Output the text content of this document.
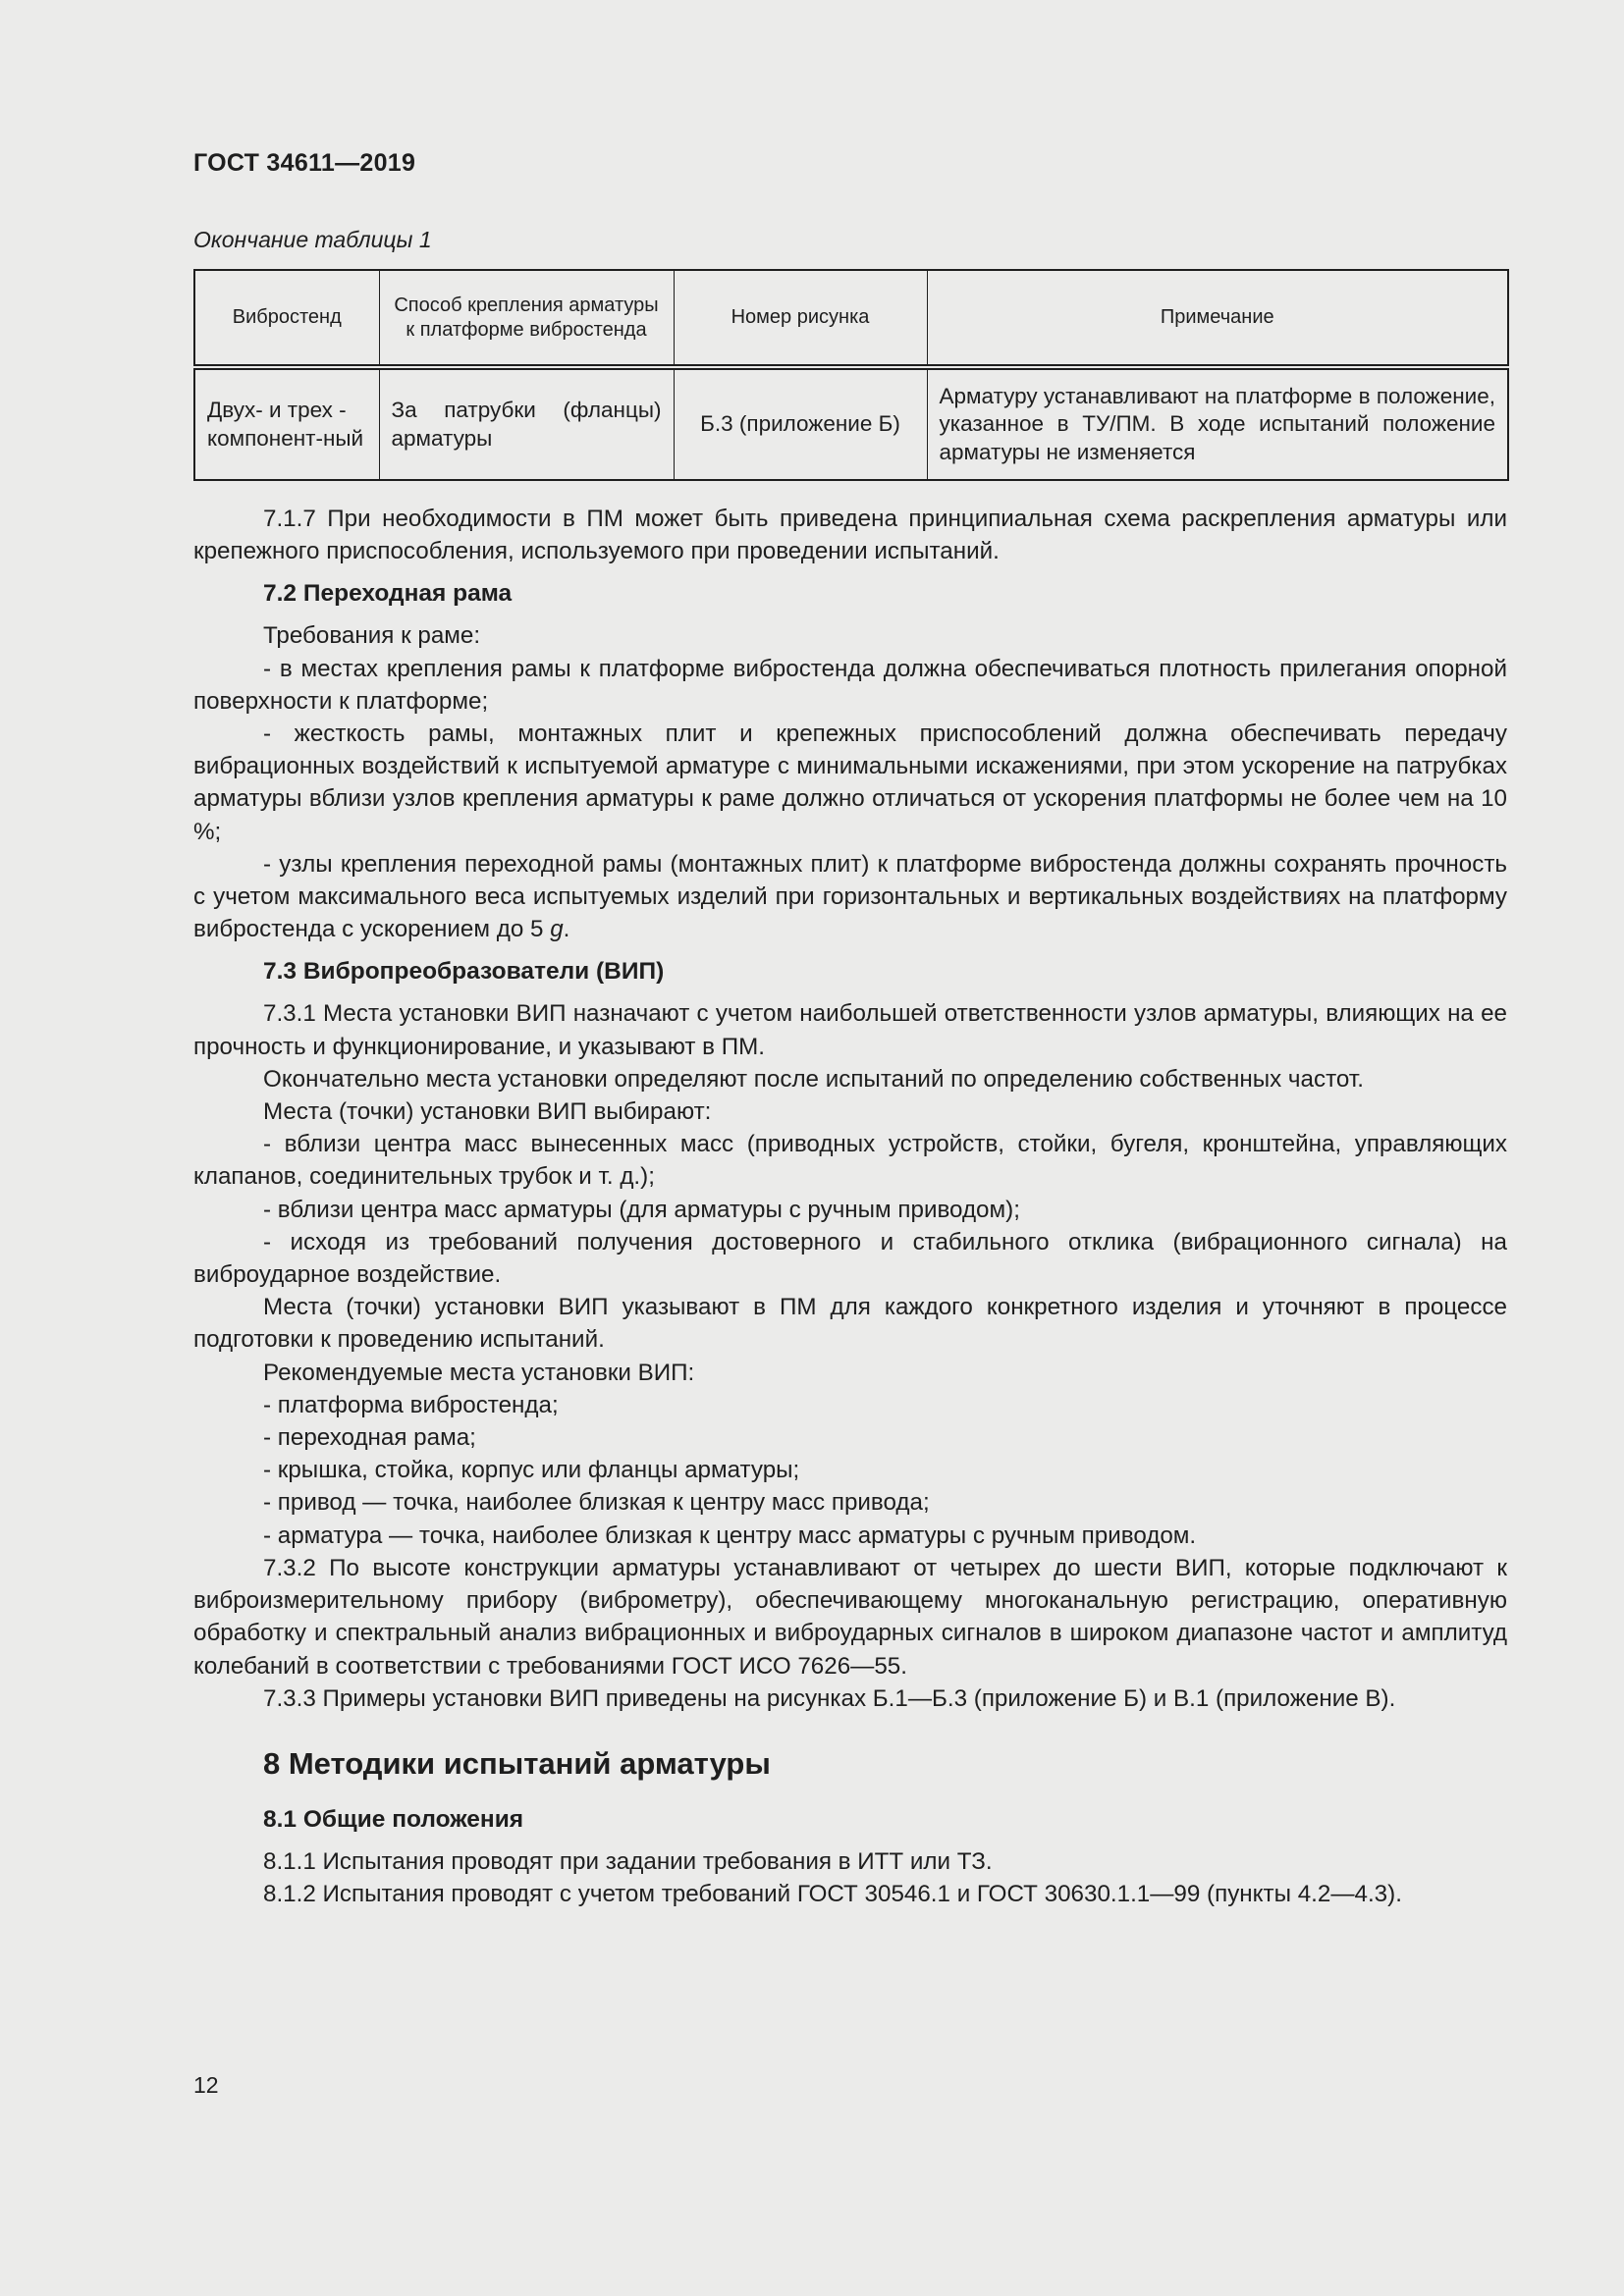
ГОСТ 34611—2019
Окончание таблицы 1
Вибростенд	Способ крепления арматуры к платформе вибростенда	Номер рисунка	Примечание
Двух- и трех - компонент-ный	За патрубки (фланцы) арматуры	Б.3 (приложение Б)	Арматуру устанавливают на платформе в положение, указанное в ТУ/ПМ. В ходе испытаний положение арматуры не изменяется

7.1.7 При необходимости в ПМ может быть приведена принципиальная схема раскрепления арматуры или крепежного приспособления, используемого при проведении испытаний.

7.2 Переходная рама

Требования к раме:

- в местах крепления рамы к платформе вибростенда должна обеспечиваться плотность прилегания опорной поверхности к платформе;

- жесткость рамы, монтажных плит и крепежных приспособлений должна обеспечивать передачу вибрационных воздействий к испытуемой арматуре с минимальными искажениями, при этом ускорение на патрубках арматуры вблизи узлов крепления арматуры к раме должно отличаться от ускорения платформы не более чем на 10 %;

- узлы крепления переходной рамы (монтажных плит) к платформе вибростенда должны сохранять прочность с учетом максимального веса испытуемых изделий при горизонтальных и вертикальных воздействиях на платформу вибростенда с ускорением до 5 g.

7.3 Вибропреобразователи (ВИП)

7.3.1 Места установки ВИП назначают с учетом наибольшей ответственности узлов арматуры, влияющих на ее прочность и функционирование, и указывают в ПМ.

Окончательно места установки определяют после испытаний по определению собственных частот.

Места (точки) установки ВИП выбирают:

- вблизи центра масс вынесенных масс (приводных устройств, стойки, бугеля, кронштейна, управляющих клапанов, соединительных трубок и т. д.);

- вблизи центра масс арматуры (для арматуры с ручным приводом);

- исходя из требований получения достоверного и стабильного отклика (вибрационного сигнала) на виброударное воздействие.

Места (точки) установки ВИП указывают в ПМ для каждого конкретного изделия и уточняют в процессе подготовки к проведению испытаний.

Рекомендуемые места установки ВИП:

- платформа вибростенда;

- переходная рама;

- крышка, стойка, корпус или фланцы арматуры;

- привод — точка, наиболее близкая к центру масс привода;

- арматура — точка, наиболее близкая к центру масс арматуры с ручным приводом.

7.3.2 По высоте конструкции арматуры устанавливают от четырех до шести ВИП, которые подключают к виброизмерительному прибору (виброметру), обеспечивающему многоканальную регистрацию, оперативную обработку и спектральный анализ вибрационных и виброударных сигналов в широком диапазоне частот и амплитуд колебаний в соответствии с требованиями ГОСТ ИСО 7626—55.

7.3.3 Примеры установки ВИП приведены на рисунках Б.1—Б.3 (приложение Б) и В.1 (приложение В).

8 Методики испытаний арматуры
8.1 Общие положения

8.1.1 Испытания проводят при задании требования в ИТТ или ТЗ.

8.1.2 Испытания проводят с учетом требований ГОСТ 30546.1 и ГОСТ 30630.1.1—99 (пункты 4.2—4.3).

12
